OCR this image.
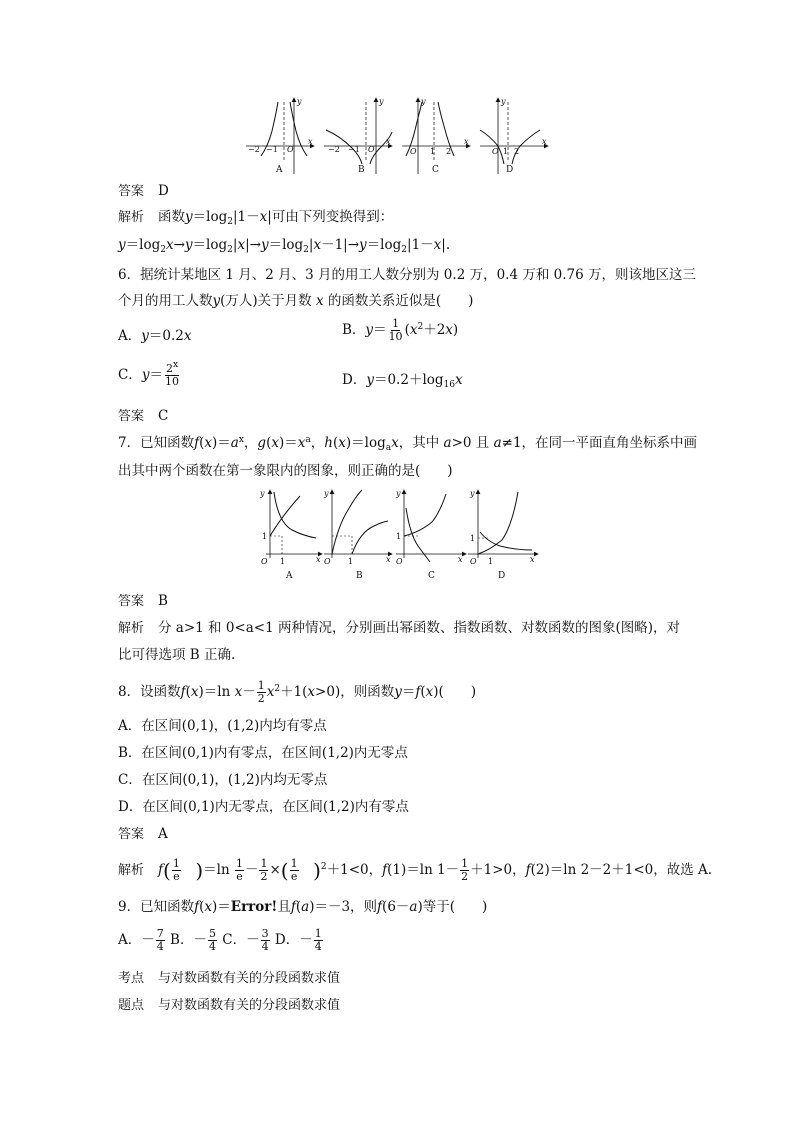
−2 −1 O
x
y
A
−2 −1 O
x
y
B
O 1 2
x
y
C
O 1 2
x
y
D
答案 D
解析 函数$y=\log_2|1-x|$可由下列变换得到：
$y=\log_2x\to y=\log_2|x|\to y=\log_2|x-1|\to y=\log_2|1-x|$.
6．据统计某地区 1 月、2 月、3 月的用工人数分别为 0.2 万，0.4 万和 0.76 万，则该地区这三
个月的用工人数y(万人)关于月数 x 的函数关系近似是(　　)
A．y＝0.2x	B．$y= \frac{1}{10} (x^2+2x)$
C．$y= \frac{2^x}{10}$	D．$y=0.2+\log_{16}x$
答案 C
7．已知函数$f(x)=a^x$，$g(x)=x^a$，$h(x)=\log_ax$，其中 a>0 且 a≠1，在同一平面直角坐标系中画
出其中两个函数在第一象限内的图象，则正确的是(　　)
y
1
O 1	x
A
y
1
O	x
B
y
1
O	x
C
y
1
O 1	x
D
答案 B
解析 分 a>1 和 0<a<1 两种情况，分别画出幂函数、指数函数、对数函数的图象(图略)，对
比可得选项 B 正确.
8．设函数f(x)＝ln $x- \frac{1}{2} x^2+1(x>0)$，则函数y＝f(x)(　　)
A．在区间(0,1)，(1,2)内均有零点
B．在区间(0,1)内有零点，在区间(1,2)内无零点
C．在区间(0,1)，(1,2)内均无零点
D．在区间(0,1)内无零点，在区间(1,2)内有零点
答案 A
解析 $f( \frac{1}{e}$
　 )$=\ln \frac{1}{e} - \frac{1}{2}$ ×( $\frac{1}{e}$
　 )$^2$＋1<0，f(1)＝ln $1- \frac{1}{2} +1>0$，f(2)＝ln 2－2＋1<0，故选 A.
9．已知函数f(x)＝Error!且f(a)＝－3，则f(6－a)等于(　　)
A．－ $\frac{7}{4}$ B．－ $\frac{5}{4}$ C．－ $\frac{3}{4}$ D．－ $\frac{1}{4}$
考点 与对数函数有关的分段函数求值
题点 与对数函数有关的分段函数求值
